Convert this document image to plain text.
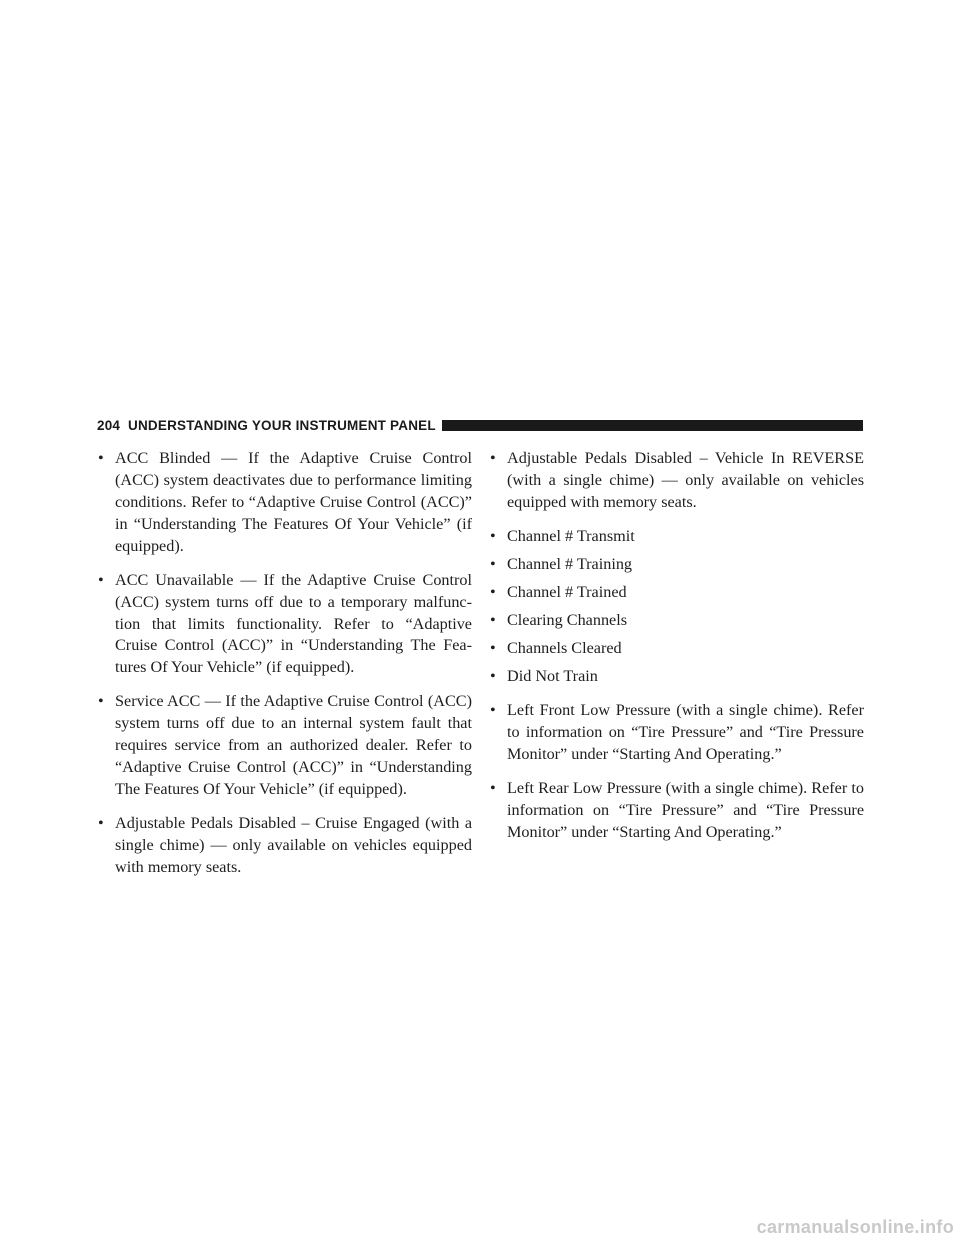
204 UNDERSTANDING YOUR INSTRUMENT PANEL
• ACC Blinded — If the Adaptive Cruise Control (ACC) system deactivates due to performance limiting conditions. Refer to “Adaptive Cruise Control (ACC)” in “Understanding The Features Of Your Vehicle” (if equipped).
• ACC Unavailable — If the Adaptive Cruise Control (ACC) system turns off due to a temporary malfunction that limits functionality. Refer to “Adaptive Cruise Control (ACC)” in “Understanding The Features Of Your Vehicle” (if equipped).
• Service ACC — If the Adaptive Cruise Control (ACC) system turns off due to an internal system fault that requires service from an authorized dealer. Refer to “Adaptive Cruise Control (ACC)” in “Understanding The Features Of Your Vehicle” (if equipped).
• Adjustable Pedals Disabled – Cruise Engaged (with a single chime) — only available on vehicles equipped with memory seats.
• Adjustable Pedals Disabled – Vehicle In REVERSE (with a single chime) — only available on vehicles equipped with memory seats.
• Channel # Transmit
• Channel # Training
• Channel # Trained
• Clearing Channels
• Channels Cleared
• Did Not Train
• Left Front Low Pressure (with a single chime). Refer to information on “Tire Pressure” and “Tire Pressure Monitor” under “Starting And Operating.”
• Left Rear Low Pressure (with a single chime). Refer to information on “Tire Pressure” and “Tire Pressure Monitor” under “Starting And Operating.”
carmanualsonline.info
